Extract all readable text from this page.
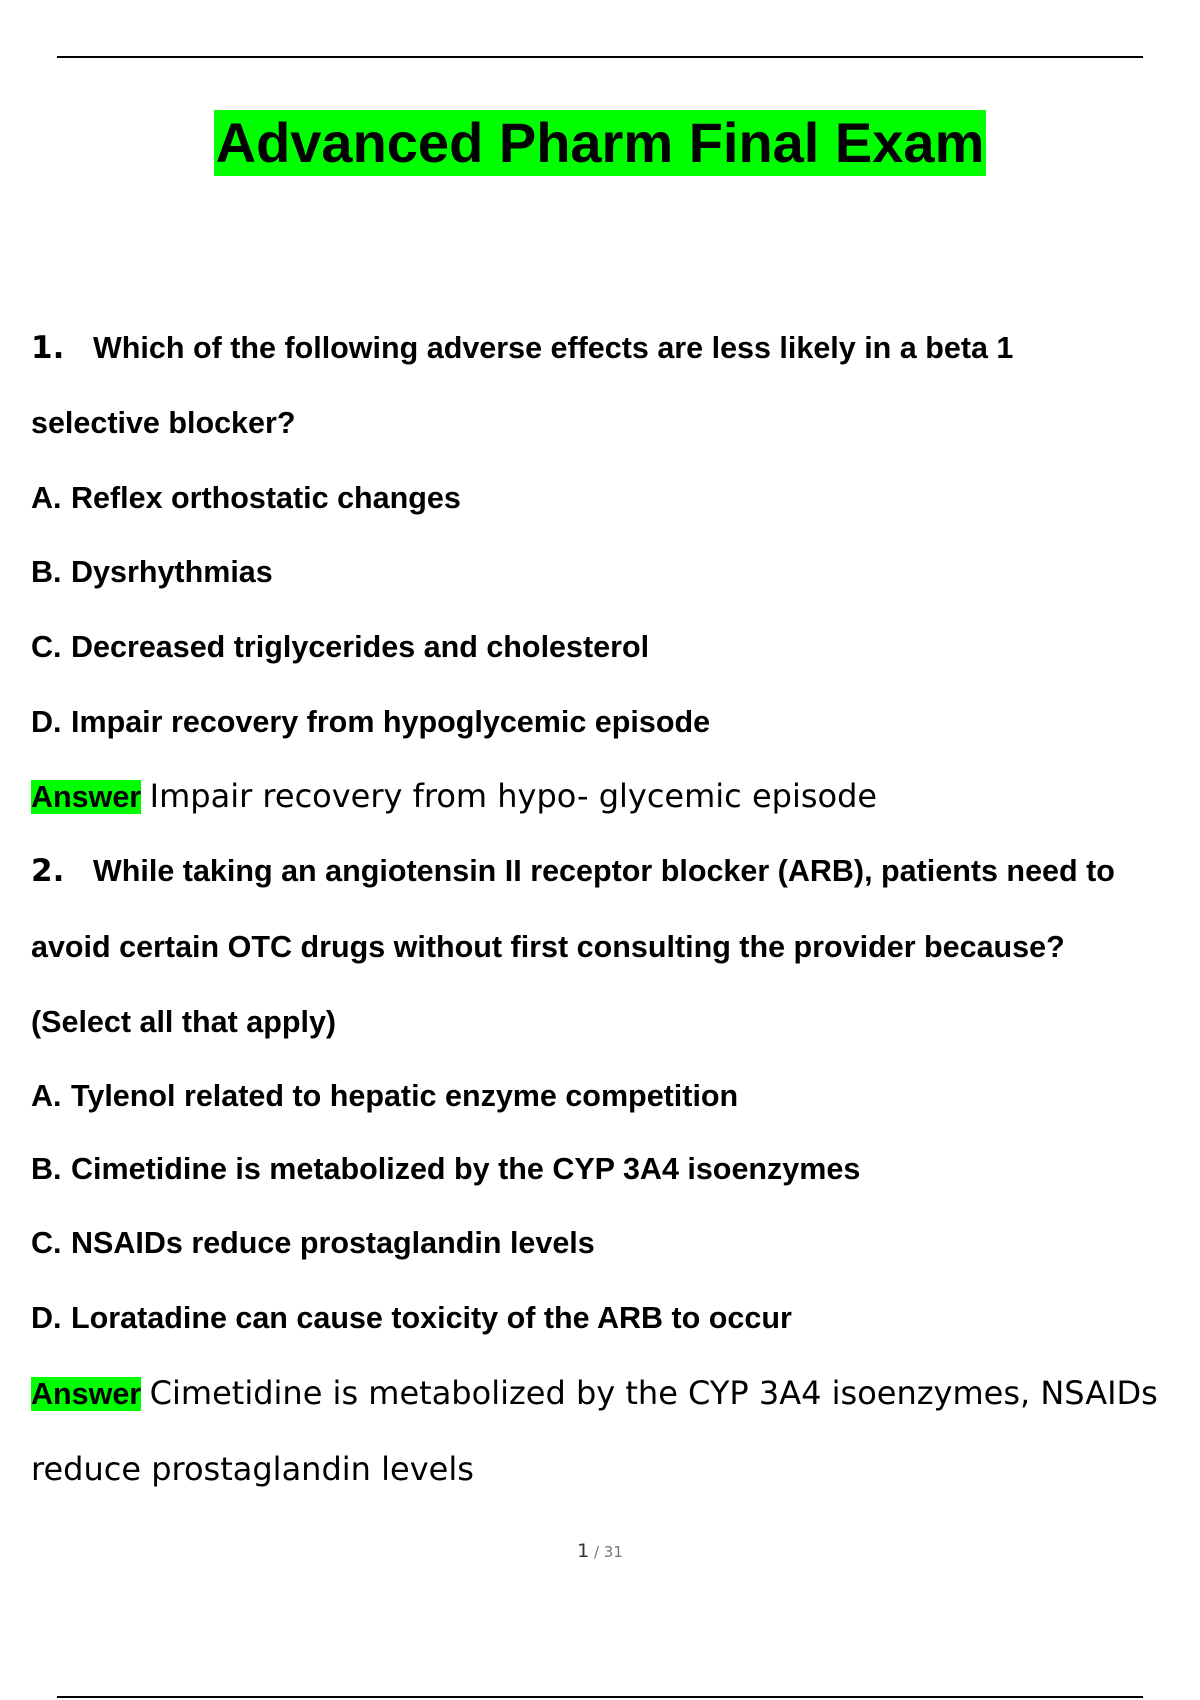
Advanced Pharm Final Exam
1. Which of the following adverse effects are less likely in a beta 1
selective blocker?
A. Reflex orthostatic changes
B. Dysrhythmias
C. Decreased triglycerides and cholesterol
D. Impair recovery from hypoglycemic episode
Answer Impair recovery from hypo- glycemic episode
2. While taking an angiotensin II receptor blocker (ARB), patients need to
avoid certain OTC drugs without first consulting the provider because?
(Select all that apply)
A. Tylenol related to hepatic enzyme competition
B. Cimetidine is metabolized by the CYP 3A4 isoenzymes
C. NSAIDs reduce prostaglandin levels
D. Loratadine can cause toxicity of the ARB to occur
Answer Cimetidine is metabolized by the CYP 3A4 isoenzymes, NSAIDs
reduce prostaglandin levels
1 / 31
